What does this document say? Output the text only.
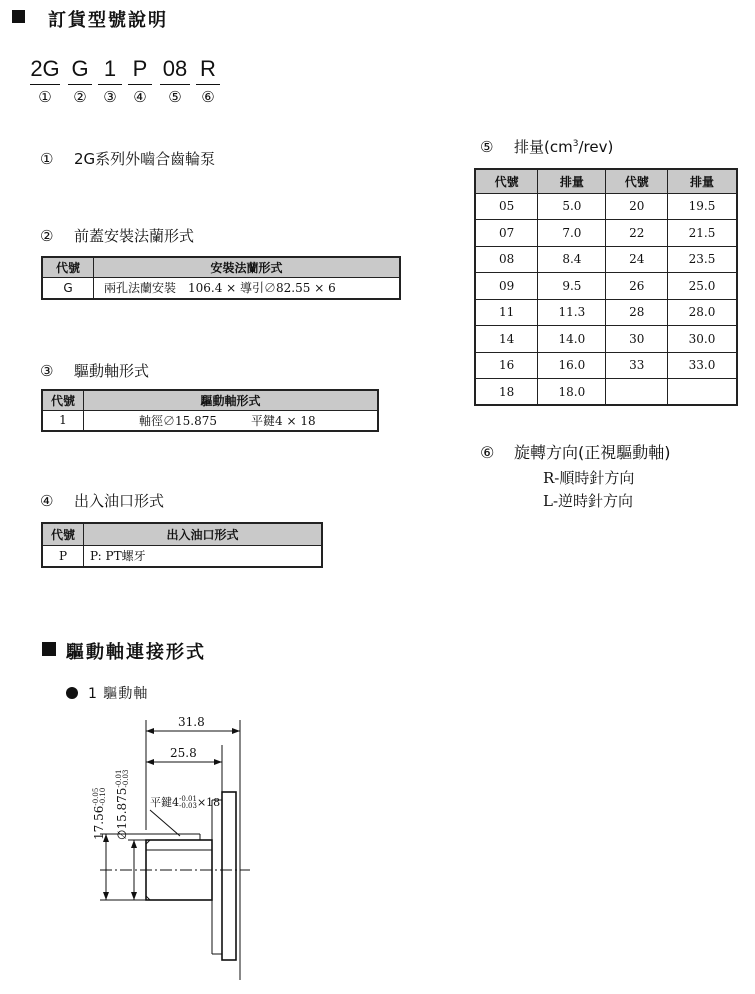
訂貨型號說明
2G G 1 P 08 R
① ② ③ ④ ⑤ ⑥
① 2G系列外嚙合齒輪泵
② 前蓋安裝法蘭形式
代號	安裝法蘭形式
G	兩孔法蘭安裝　106.4 × 導引∅82.55 × 6
③ 驅動軸形式
代號	驅動軸形式
1	軸徑∅15.875 平鍵4 × 18
④ 出入油口形式
代號	出入油口形式
P	P: PT螺牙
⑤ 排量$(cm^3/rev)$
代號	排量	代號	排量
05	5.0	20	19.5
07	7.0	22	21.5
08	8.4	24	23.5
09	9.5	26	25.0
11	11.3	28	28.0
14	14.0	30	30.0
16	16.0	33	33.0
18	18.0		
⑥ 旋轉方向(正視驅動軸)
R-順時針方向
L-逆時針方向
驅動軸連接形式
1 驅動軸
31.8
25.8
平鍵4 -0.01
-0.03 ×18
17.56
-0.05 -0.10 ∅15.875
-0.01 -0.03
